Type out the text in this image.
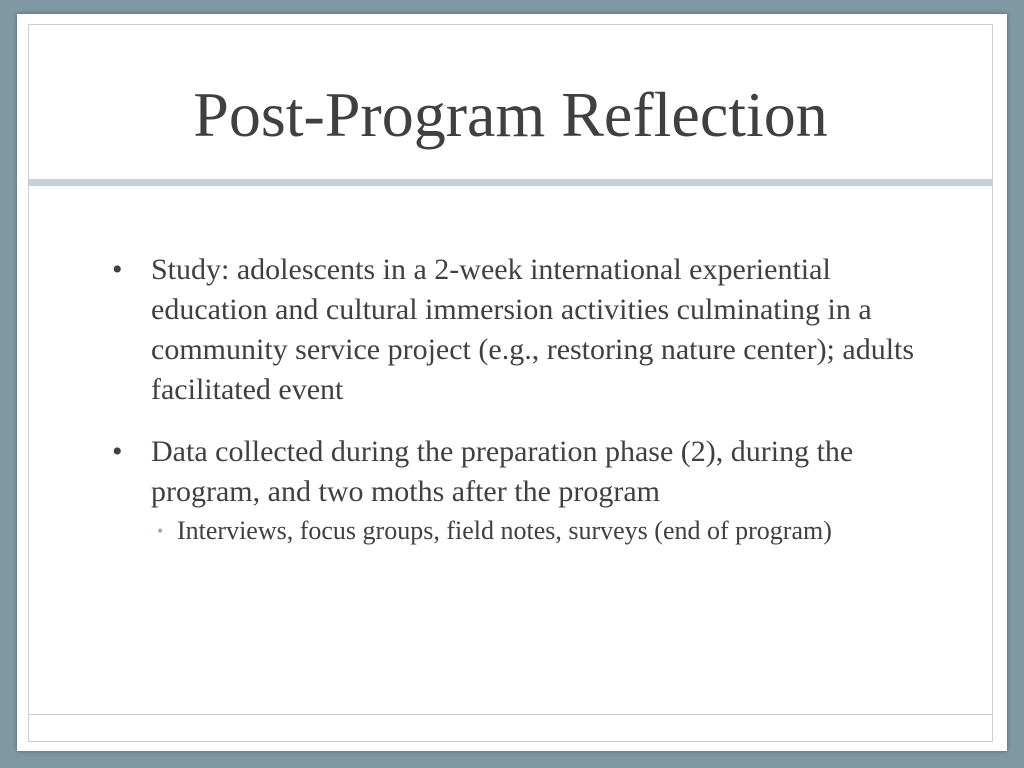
Post-Program Reflection
• Study: adolescents in a 2-week international experiential education and cultural immersion activities culminating in a community service project (e.g., restoring nature center); adults facilitated event
• Data collected during the preparation phase (2), during the program, and two moths after the program
• Interviews, focus groups, field notes, surveys (end of program)
